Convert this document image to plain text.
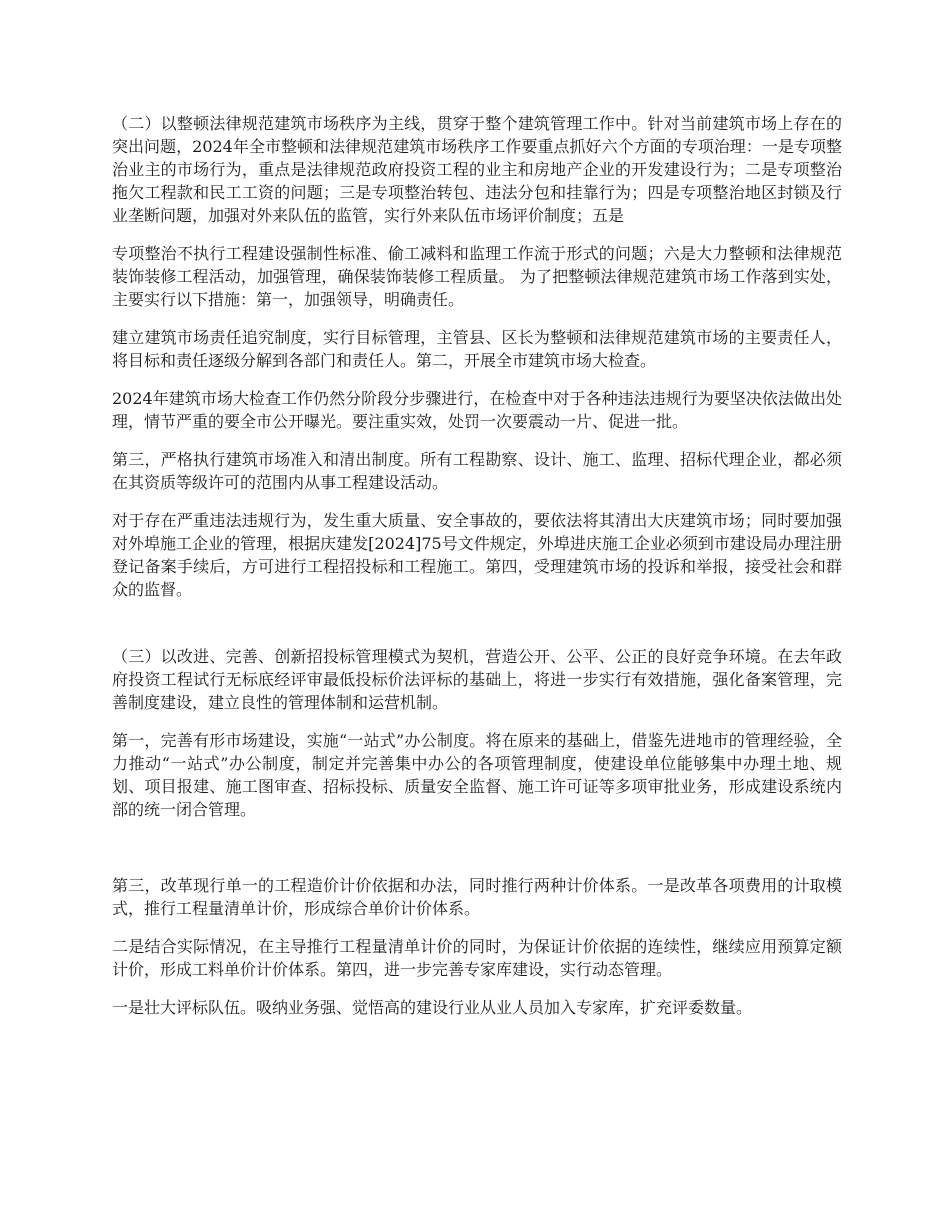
（二）以整顿法律规范建筑市场秩序为主线，贯穿于整个建筑管理工作中。针对当前建筑市场上存在的突出问题，2024年全市整顿和法律规范建筑市场秩序工作要重点抓好六个方面的专项治理：一是专项整治业主的市场行为，重点是法律规范政府投资工程的业主和房地产企业的开发建设行为；二是专项整治拖欠工程款和民工工资的问题；三是专项整治转包、违法分包和挂靠行为；四是专项整治地区封锁及行业垄断问题，加强对外来队伍的监管，实行外来队伍市场评价制度；五是

专项整治不执行工程建设强制性标准、偷工减料和监理工作流于形式的问题；六是大力整顿和法律规范装饰装修工程活动，加强管理，确保装饰装修工程质量。 为了把整顿法律规范建筑市场工作落到实处，主要实行以下措施：第一，加强领导，明确责任。

建立建筑市场责任追究制度，实行目标管理，主管县、区长为整顿和法律规范建筑市场的主要责任人，将目标和责任逐级分解到各部门和责任人。第二，开展全市建筑市场大检查。

2024年建筑市场大检查工作仍然分阶段分步骤进行，在检查中对于各种违法违规行为要坚决依法做出处理，情节严重的要全市公开曝光。要注重实效，处罚一次要震动一片、促进一批。

第三，严格执行建筑市场准入和清出制度。所有工程勘察、设计、施工、监理、招标代理企业，都必须在其资质等级许可的范围内从事工程建设活动。

对于存在严重违法违规行为，发生重大质量、安全事故的，要依法将其清出大庆建筑市场；同时要加强对外埠施工企业的管理，根据庆建发[2024]75号文件规定，外埠进庆施工企业必须到市建设局办理注册登记备案手续后，方可进行工程招投标和工程施工。第四，受理建筑市场的投诉和举报，接受社会和群众的监督。

（三）以改进、完善、创新招投标管理模式为契机，营造公开、公平、公正的良好竞争环境。在去年政府投资工程试行无标底经评审最低投标价法评标的基础上，将进一步实行有效措施，强化备案管理，完善制度建设，建立良性的管理体制和运营机制。

第一，完善有形市场建设，实施“一站式”办公制度。将在原来的基础上，借鉴先进地市的管理经验，全力推动“一站式”办公制度，制定并完善集中办公的各项管理制度，使建设单位能够集中办理土地、规划、项目报建、施工图审查、招标投标、质量安全监督、施工许可证等多项审批业务，形成建设系统内部的统一闭合管理。

第三，改革现行单一的工程造价计价依据和办法，同时推行两种计价体系。一是改革各项费用的计取模式，推行工程量清单计价，形成综合单价计价体系。

二是结合实际情况，在主导推行工程量清单计价的同时，为保证计价依据的连续性，继续应用预算定额计价，形成工料单价计价体系。第四，进一步完善专家库建设，实行动态管理。

一是壮大评标队伍。吸纳业务强、觉悟高的建设行业从业人员加入专家库，扩充评委数量。
